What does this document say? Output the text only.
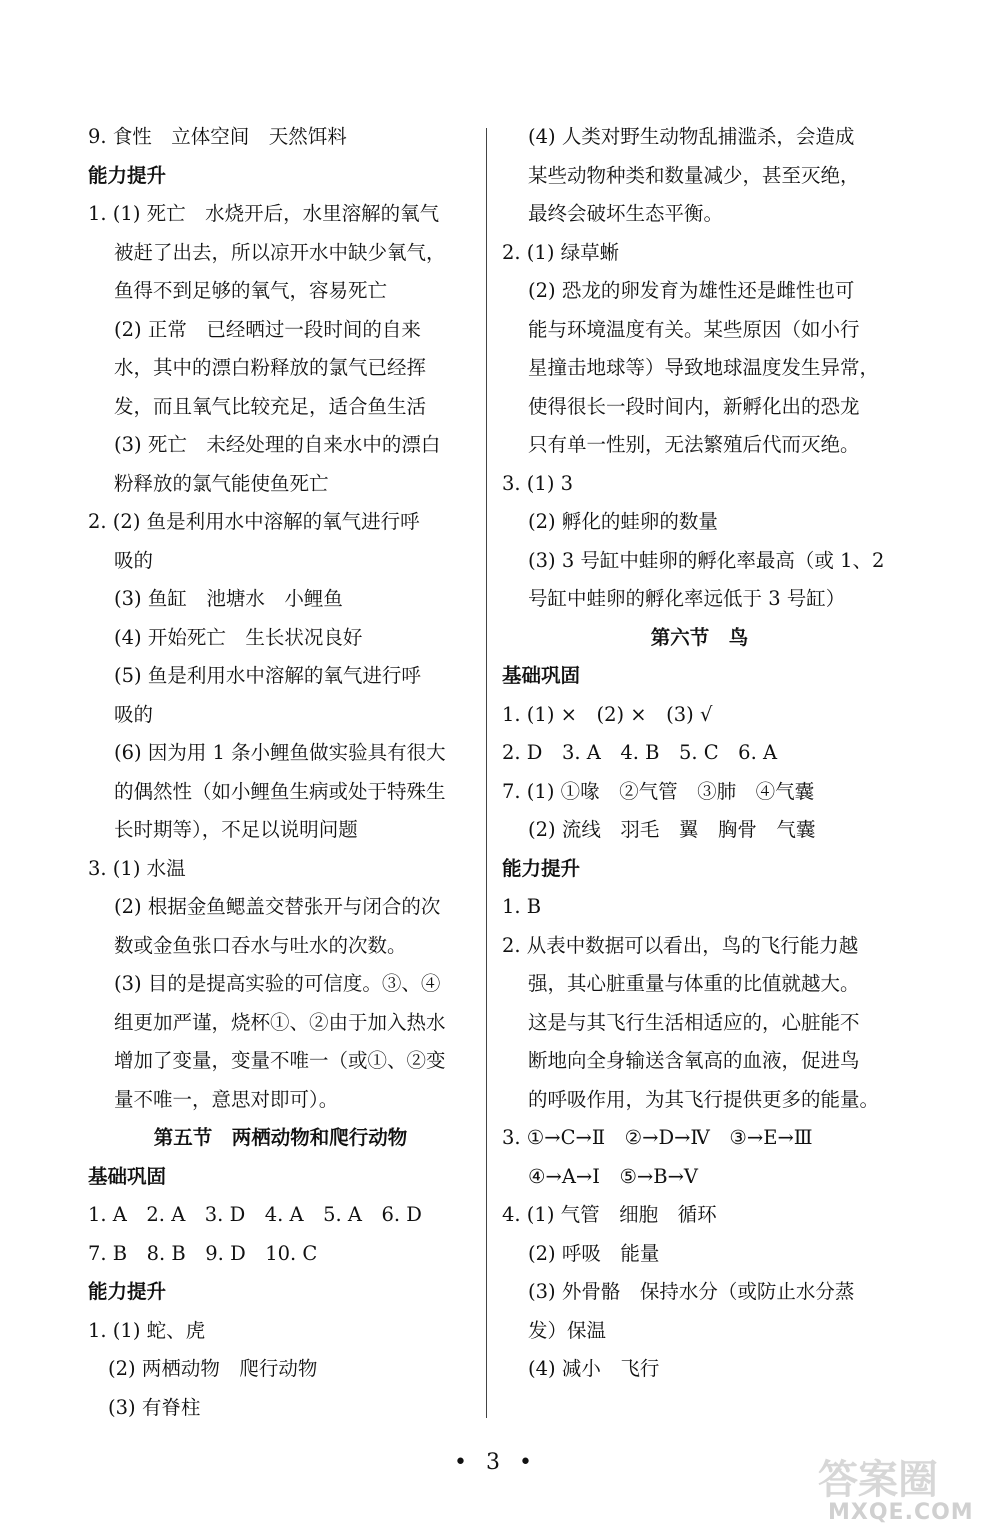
9. 食性　立体空间　天然饵料
能力提升
1. (1) 死亡　水烧开后，水里溶解的氧气
被赶了出去，所以凉开水中缺少氧气，
鱼得不到足够的氧气，容易死亡
(2) 正常　已经晒过一段时间的自来
水，其中的漂白粉释放的氯气已经挥
发，而且氧气比较充足，适合鱼生活
(3) 死亡　未经处理的自来水中的漂白
粉释放的氯气能使鱼死亡
2. (2) 鱼是利用水中溶解的氧气进行呼
吸的
(3) 鱼缸　池塘水　小鲤鱼
(4) 开始死亡　生长状况良好
(5) 鱼是利用水中溶解的氧气进行呼
吸的
(6) 因为用 1 条小鲤鱼做实验具有很大
的偶然性（如小鲤鱼生病或处于特殊生
长时期等），不足以说明问题
3. (1) 水温
(2) 根据金鱼鳃盖交替张开与闭合的次
数或金鱼张口吞水与吐水的次数。
(3) 目的是提高实验的可信度。③、④
组更加严谨，烧杯①、②由于加入热水
增加了变量，变量不唯一（或①、②变
量不唯一，意思对即可）。
第五节　两栖动物和爬行动物
基础巩固
1. A　2. A　3. D　4. A　5. A　6. D
7. B　8. B　9. D　10. C
能力提升
1. (1) 蛇、虎
(2) 两栖动物　爬行动物
(3) 有脊柱
(4) 人类对野生动物乱捕滥杀，会造成
某些动物种类和数量减少，甚至灭绝，
最终会破坏生态平衡。
2. (1) 绿草蜥
(2) 恐龙的卵发育为雄性还是雌性也可
能与环境温度有关。某些原因（如小行
星撞击地球等）导致地球温度发生异常，
使得很长一段时间内，新孵化出的恐龙
只有单一性别，无法繁殖后代而灭绝。
3. (1) 3
(2) 孵化的蛙卵的数量
(3) 3 号缸中蛙卵的孵化率最高（或 1、2
号缸中蛙卵的孵化率远低于 3 号缸）
第六节　鸟
基础巩固
1. (1) ×　(2) ×　(3) √
2. D　3. A　4. B　5. C　6. A
7. (1) ①喙　②气管　③肺　④气囊
(2) 流线　羽毛　翼　胸骨　气囊
能力提升
1. B
2. 从表中数据可以看出，鸟的飞行能力越
强，其心脏重量与体重的比值就越大。
这是与其飞行生活相适应的，心脏能不
断地向全身输送含氧高的血液，促进鸟
的呼吸作用，为其飞行提供更多的能量。
3. ①→C→Ⅱ　②→D→Ⅳ　③→E→Ⅲ
④→A→Ⅰ　⑤→B→Ⅴ
4. (1) 气管　细胞　循环
(2) 呼吸　能量
(3) 外骨骼　保持水分（或防止水分蒸
发）保温
(4) 减小　飞行
• 3 •	答案圈
MXQE.COM
